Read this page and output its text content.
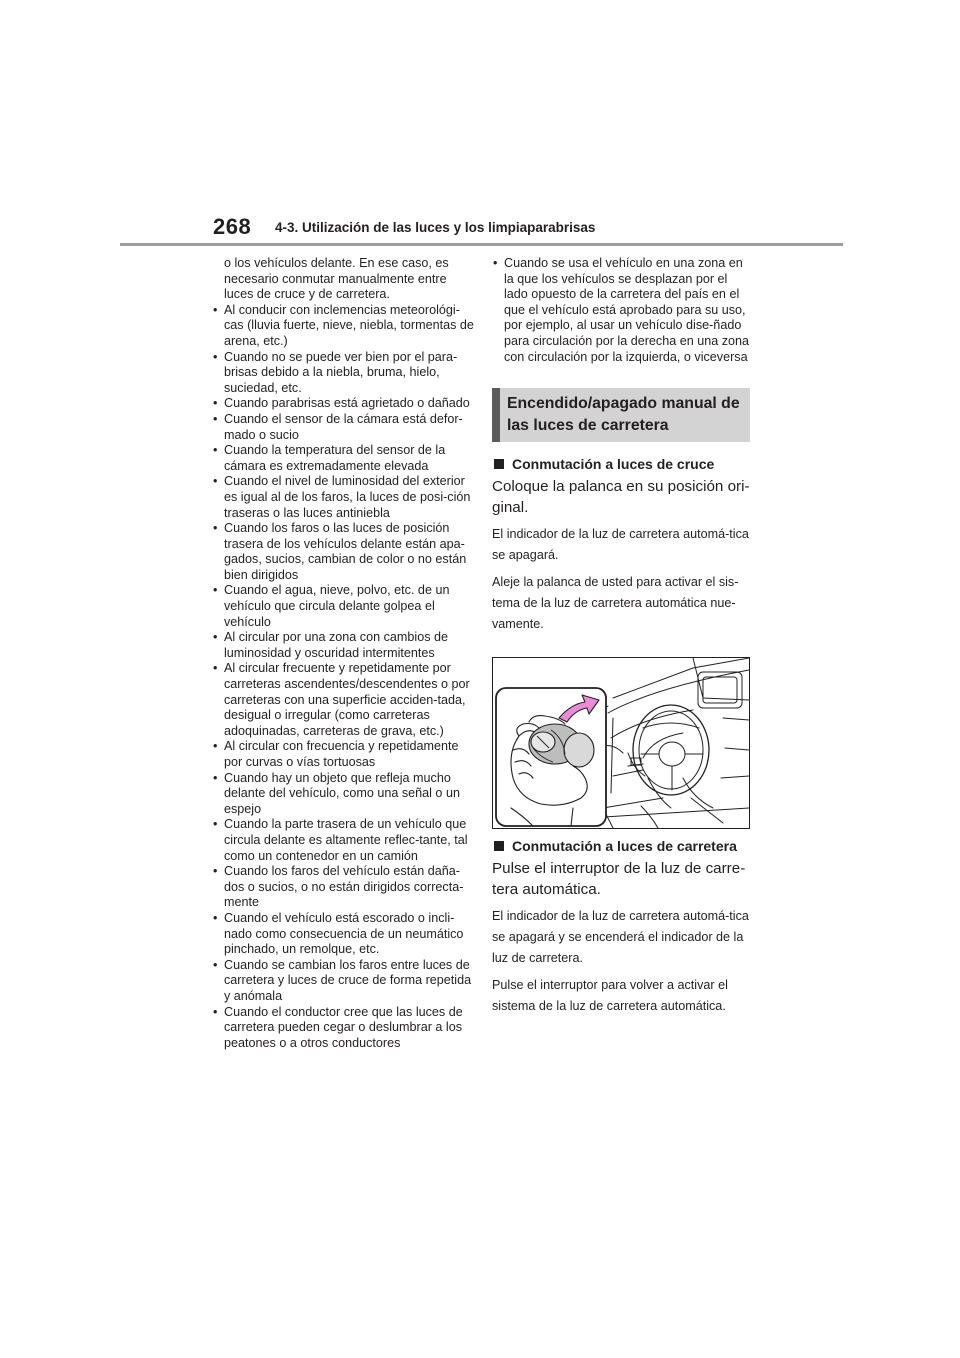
268 4-3. Utilización de las luces y los limpiaparabrisas
o los vehículos delante. En ese caso, es necesario conmutar manualmente entre luces de cruce y de carretera.
• Al conducir con inclemencias meteorológi-cas (lluvia fuerte, nieve, niebla, tormentas de arena, etc.)
• Cuando no se puede ver bien por el para-brisas debido a la niebla, bruma, hielo, suciedad, etc.
• Cuando parabrisas está agrietado o dañado
• Cuando el sensor de la cámara está defor-mado o sucio
• Cuando la temperatura del sensor de la cámara es extremadamente elevada
• Cuando el nivel de luminosidad del exterior es igual al de los faros, la luces de posi-ción traseras o las luces antiniebla
• Cuando los faros o las luces de posición trasera de los vehículos delante están apa-gados, sucios, cambian de color o no están bien dirigidos
• Cuando el agua, nieve, polvo, etc. de un vehículo que circula delante golpea el vehículo
• Al circular por una zona con cambios de luminosidad y oscuridad intermitentes
• Al circular frecuente y repetidamente por carreteras ascendentes/descendentes o por carreteras con una superficie acciden-tada, desigual o irregular (como carreteras adoquinadas, carreteras de grava, etc.)
• Al circular con frecuencia y repetidamente por curvas o vías tortuosas
• Cuando hay un objeto que refleja mucho delante del vehículo, como una señal o un espejo
• Cuando la parte trasera de un vehículo que circula delante es altamente reflec-tante, tal como un contenedor en un camión
• Cuando los faros del vehículo están daña-dos o sucios, o no están dirigidos correcta-mente
• Cuando el vehículo está escorado o incli-nado como consecuencia de un neumático pinchado, un remolque, etc.
• Cuando se cambian los faros entre luces de carretera y luces de cruce de forma repetida y anómala
• Cuando el conductor cree que las luces de carretera pueden cegar o deslumbrar a los peatones o a otros conductores
• Cuando se usa el vehículo en una zona en la que los vehículos se desplazan por el lado opuesto de la carretera del país en el que el vehículo está aprobado para su uso, por ejemplo, al usar un vehículo dise-ñado para circulación por la derecha en una zona con circulación por la izquierda, o viceversa
Encendido/apagado manual de las luces de carretera
Conmutación a luces de cruce
Coloque la palanca en su posición ori-ginal.
El indicador de la luz de carretera automá-tica se apagará.
Aleje la palanca de usted para activar el sis-tema de la luz de carretera automática nue-vamente.
Conmutación a luces de carretera
Pulse el interruptor de la luz de carre-tera automática.
El indicador de la luz de carretera automá-tica se apagará y se encenderá el indicador de la luz de carretera.
Pulse el interruptor para volver a activar el sistema de la luz de carretera automática.
